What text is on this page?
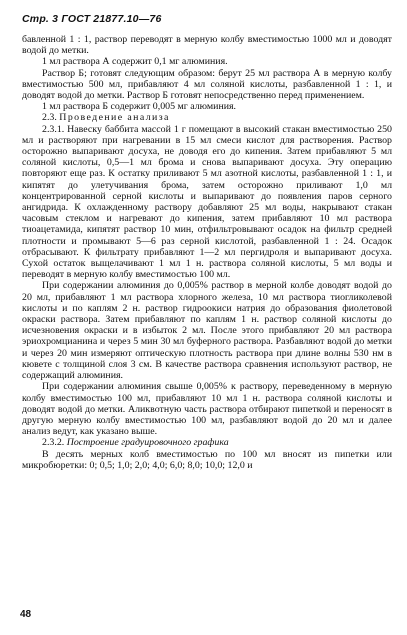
Стр. 3 ГОСТ 21877.10—76

бавленной 1 : 1, раствор переводят в мерную колбу вместимостью 1000 мл и доводят водой до метки.

1 мл раствора А содержит 0,1 мг алюминия.

Раствор Б; готовят следующим образом: берут 25 мл раствора А в мерную колбу вместимостью 500 мл, прибавляют 4 мл соляной кислоты, разбавленной 1 : 1, и доводят водой до метки. Раствор Б готовят непосредственно перед применением.

1 мл раствора Б содержит 0,005 мг алюминия.

2.3. Проведение анализа

2.3.1. Навеску баббита массой 1 г помещают в высокий стакан вместимостью 250 мл и растворяют при нагревании в 15 мл смеси кислот для растворения. Раствор осторожно выпаривают досуха, не доводя его до кипения. Затем прибавляют 5 мл соляной кислоты, 0,5—1 мл брома и снова выпаривают досуха. Эту операцию повторяют еще раз. К остатку приливают 5 мл азотной кислоты, разбавленной 1 : 1, и кипятят до улетучивания брома, затем осторожно приливают 1,0 мл концентрированной серной кислоты и выпаривают до появления паров серного ангидрида. К охлажденному раствору добавляют 25 мл воды, накрывают стакан часовым стеклом и нагревают до кипения, затем прибавляют 10 мл раствора тиоацетамида, кипятят раствор 10 мин, отфильтровывают осадок на фильтр средней плотности и промывают 5—6 раз серной кислотой, разбавленной 1 : 24. Осадок отбрасывают. К фильтрату прибавляют 1—2 мл пергидроля и выпаривают досуха. Сухой остаток выщелачивают 1 мл 1 н. раствора соляной кислоты, 5 мл воды и переводят в мерную колбу вместимостью 100 мл.

При содержании алюминия до 0,005% раствор в мерной колбе доводят водой до 20 мл, прибавляют 1 мл раствора хлорного железа, 10 мл раствора тиогликолевой кислоты и по каплям 2 н. раствор гидроокиси натрия до образования фиолетовой окраски раствора. Затем прибавляют по каплям 1 н. раствор соляной кислоты до исчезновения окраски и в избыток 2 мл. После этого прибавляют 20 мл раствора эриохромцианина и через 5 мин 30 мл буферного раствора. Разбавляют водой до метки и через 20 мин измеряют оптическую плотность раствора при длине волны 530 нм в кювете с толщиной слоя 3 см. В качестве раствора сравнения используют раствор, не содержащий алюминия.

При содержании алюминия свыше 0,005% к раствору, переведенному в мерную колбу вместимостью 100 мл, прибавляют 10 мл 1 н. раствора соляной кислоты и доводят водой до метки. Аликвотную часть раствора отбирают пипеткой и переносят в другую мерную колбу вместимостью 100 мл, разбавляют водой до 20 мл и далее анализ ведут, как указано выше.

2.3.2. Построение градуировочного графика

В десять мерных колб вместимостью по 100 мл вносят из пипетки или микробюретки: 0; 0,5; 1,0; 2,0; 4,0; 6,0; 8,0; 10,0; 12,0 и

48
